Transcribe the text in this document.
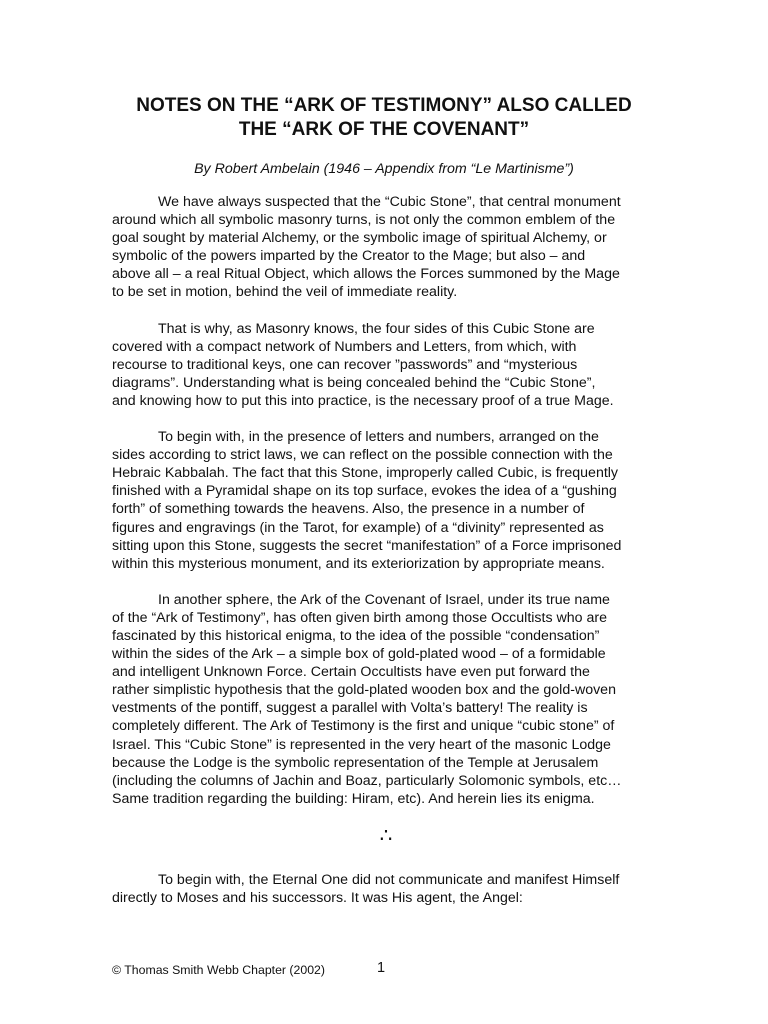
NOTES ON THE “ARK OF TESTIMONY” ALSO CALLED
THE “ARK OF THE COVENANT”

By Robert Ambelain (1946 – Appendix from “Le Martinisme”)

We have always suspected that the “Cubic Stone”, that central monument
around which all symbolic masonry turns, is not only the common emblem of the
goal sought by material Alchemy, or the symbolic image of spiritual Alchemy, or
symbolic of the powers imparted by the Creator to the Mage; but also – and
above all – a real Ritual Object, which allows the Forces summoned by the Mage
to be set in motion, behind the veil of immediate reality.

That is why, as Masonry knows, the four sides of this Cubic Stone are
covered with a compact network of Numbers and Letters, from which, with
recourse to traditional keys, one can recover ”passwords” and “mysterious
diagrams”. Understanding what is being concealed behind the “Cubic Stone”,
and knowing how to put this into practice, is the necessary proof of a true Mage.

To begin with, in the presence of letters and numbers, arranged on the
sides according to strict laws, we can reflect on the possible connection with the
Hebraic Kabbalah. The fact that this Stone, improperly called Cubic, is frequently
finished with a Pyramidal shape on its top surface, evokes the idea of a “gushing
forth” of something towards the heavens. Also, the presence in a number of
figures and engravings (in the Tarot, for example) of a “divinity” represented as
sitting upon this Stone, suggests the secret “manifestation” of a Force imprisoned
within this mysterious monument, and its exteriorization by appropriate means.

In another sphere, the Ark of the Covenant of Israel, under its true name
of the “Ark of Testimony”, has often given birth among those Occultists who are
fascinated by this historical enigma, to the idea of the possible “condensation”
within the sides of the Ark – a simple box of gold-plated wood – of a formidable
and intelligent Unknown Force. Certain Occultists have even put forward the
rather simplistic hypothesis that the gold-plated wooden box and the gold-woven
vestments of the pontiff, suggest a parallel with Volta’s battery! The reality is
completely different. The Ark of Testimony is the first and unique “cubic stone” of
Israel. This “Cubic Stone” is represented in the very heart of the masonic Lodge
because the Lodge is the symbolic representation of the Temple at Jerusalem
(including the columns of Jachin and Boaz, particularly Solomonic symbols, etc…
Same tradition regarding the building: Hiram, etc). And herein lies its enigma.

∴

To begin with, the Eternal One did not communicate and manifest Himself
directly to Moses and his successors. It was His agent, the Angel:

© Thomas Smith Webb Chapter (2002)	1
